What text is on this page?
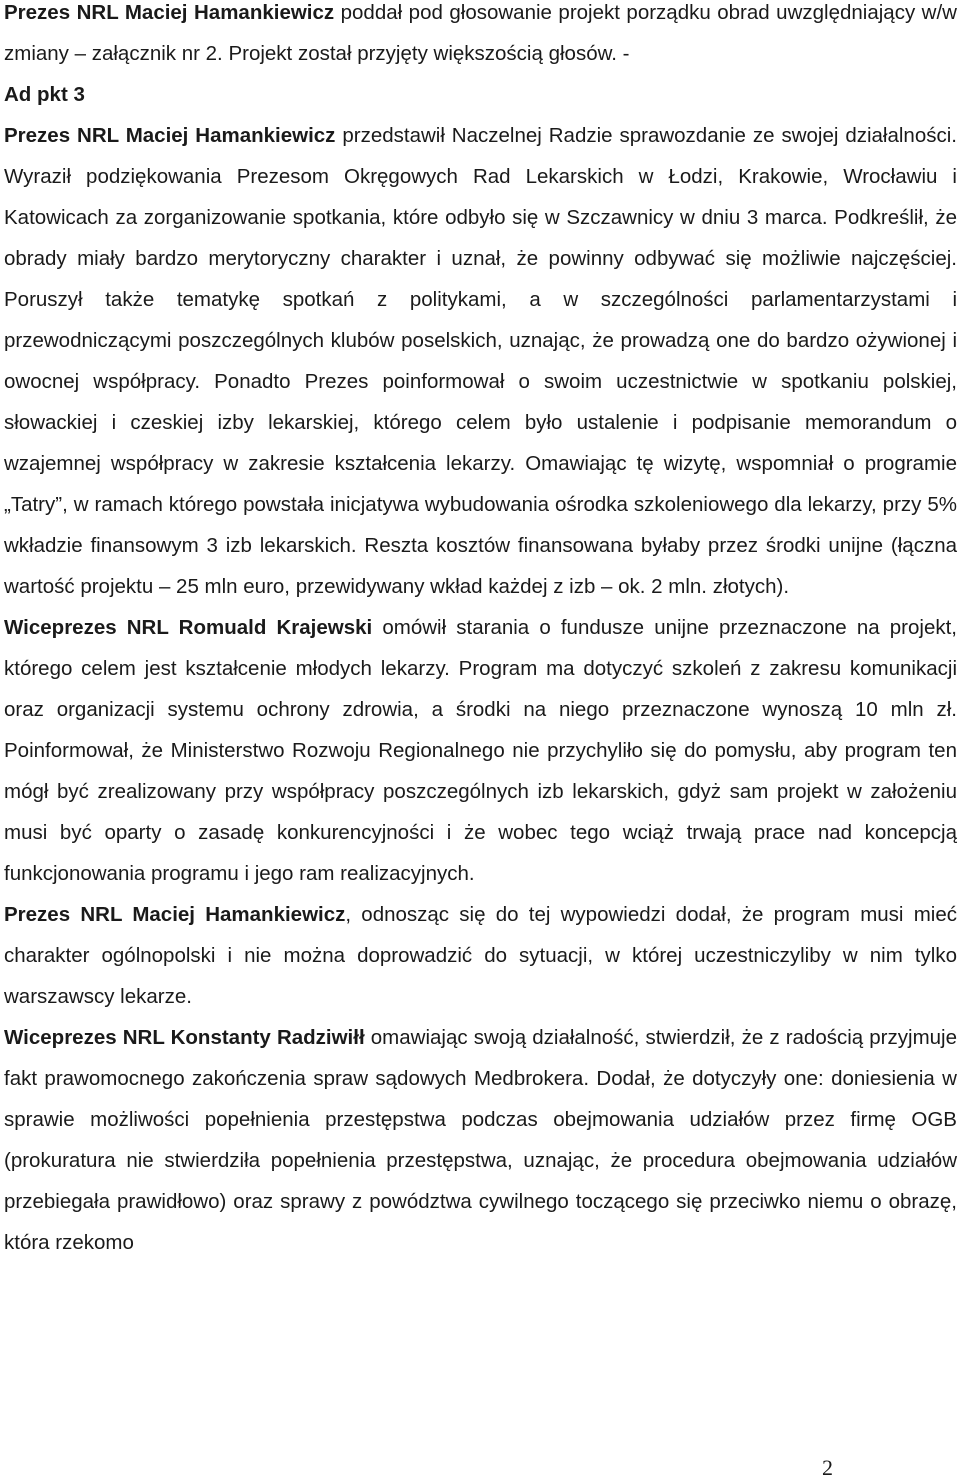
Prezes NRL Maciej Hamankiewicz poddał pod głosowanie projekt porządku obrad uwzględniający w/w zmiany – załącznik nr 2. Projekt został przyjęty większością głosów. -

Ad pkt 3

Prezes NRL Maciej Hamankiewicz przedstawił Naczelnej Radzie sprawozdanie ze swojej działalności. Wyraził podziękowania Prezesom Okręgowych Rad Lekarskich w Łodzi, Krakowie, Wrocławiu i Katowicach za zorganizowanie spotkania, które odbyło się w Szczawnicy w dniu 3 marca. Podkreślił, że obrady miały bardzo merytoryczny charakter i uznał, że powinny odbywać się możliwie najczęściej. Poruszył także tematykę spotkań z politykami, a w szczególności parlamentarzystami i przewodniczącymi poszczególnych klubów poselskich, uznając, że prowadzą one do bardzo ożywionej i owocnej współpracy. Ponadto Prezes poinformował o swoim uczestnictwie w spotkaniu polskiej, słowackiej i czeskiej izby lekarskiej, którego celem było ustalenie i podpisanie memorandum o wzajemnej współpracy w zakresie kształcenia lekarzy. Omawiając tę wizytę, wspomniał o programie „Tatry”, w ramach którego powstała inicjatywa wybudowania ośrodka szkoleniowego dla lekarzy, przy 5% wkładzie finansowym 3 izb lekarskich. Reszta kosztów finansowana byłaby przez środki unijne (łączna wartość projektu – 25 mln euro, przewidywany wkład każdej z izb – ok. 2 mln. złotych).

Wiceprezes NRL Romuald Krajewski omówił starania o fundusze unijne przeznaczone na projekt, którego celem jest kształcenie młodych lekarzy. Program ma dotyczyć szkoleń z zakresu komunikacji oraz organizacji systemu ochrony zdrowia, a środki na niego przeznaczone wynoszą 10 mln zł. Poinformował, że Ministerstwo Rozwoju Regionalnego nie przychyliło się do pomysłu, aby program ten mógł być zrealizowany przy współpracy poszczególnych izb lekarskich, gdyż sam projekt w założeniu musi być oparty o zasadę konkurencyjności i że wobec tego wciąż trwają prace nad koncepcją funkcjonowania programu i jego ram realizacyjnych.

Prezes NRL Maciej Hamankiewicz, odnosząc się do tej wypowiedzi dodał, że program musi mieć charakter ogólnopolski i nie można doprowadzić do sytuacji, w której uczestniczyliby w nim tylko warszawscy lekarze.

Wiceprezes NRL Konstanty Radziwiłł omawiając swoją działalność, stwierdził, że z radością przyjmuje fakt prawomocnego zakończenia spraw sądowych Medbrokera. Dodał, że dotyczyły one: doniesienia w sprawie możliwości popełnienia przestępstwa podczas obejmowania udziałów przez firmę OGB (prokuratura nie stwierdziła popełnienia przestępstwa, uznając, że procedura obejmowania udziałów przebiegała prawidłowo) oraz sprawy z powództwa cywilnego toczącego się przeciwko niemu o obrazę, która rzekomo

2
